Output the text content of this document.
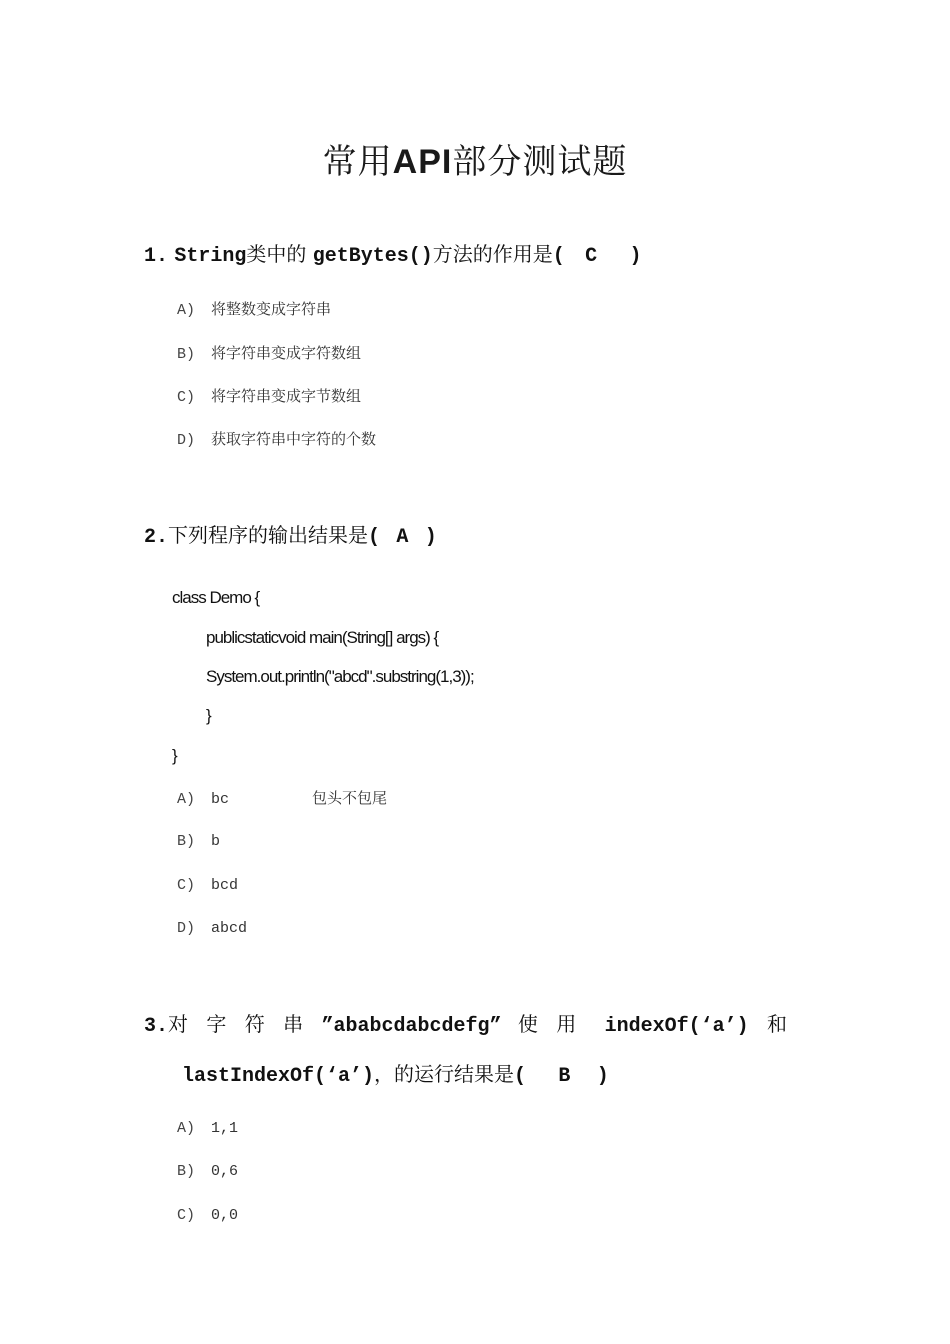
常用API部分测试题
1. String类中的 getBytes()方法的作用是( C )
A) 将整数变成字符串
B) 将字符串变成字符数组
C) 将字符串变成字节数组
D) 获取字符串中字符的个数
2.下列程序的输出结果是( A )
class Demo {
publicstaticvoid main(String[] args) {
System.out.println("abcd".substring(1,3));
}
}
A) bc	包头不包尾
B) b
C) bcd
D) abcd
3.对 字 符 串 ”ababcdabcdefg” 使 用 indexOf(‘a’) 和
lastIndexOf(‘a’)，的运行结果是( B )
A) 1,1
B) 0,6
C) 0,0
